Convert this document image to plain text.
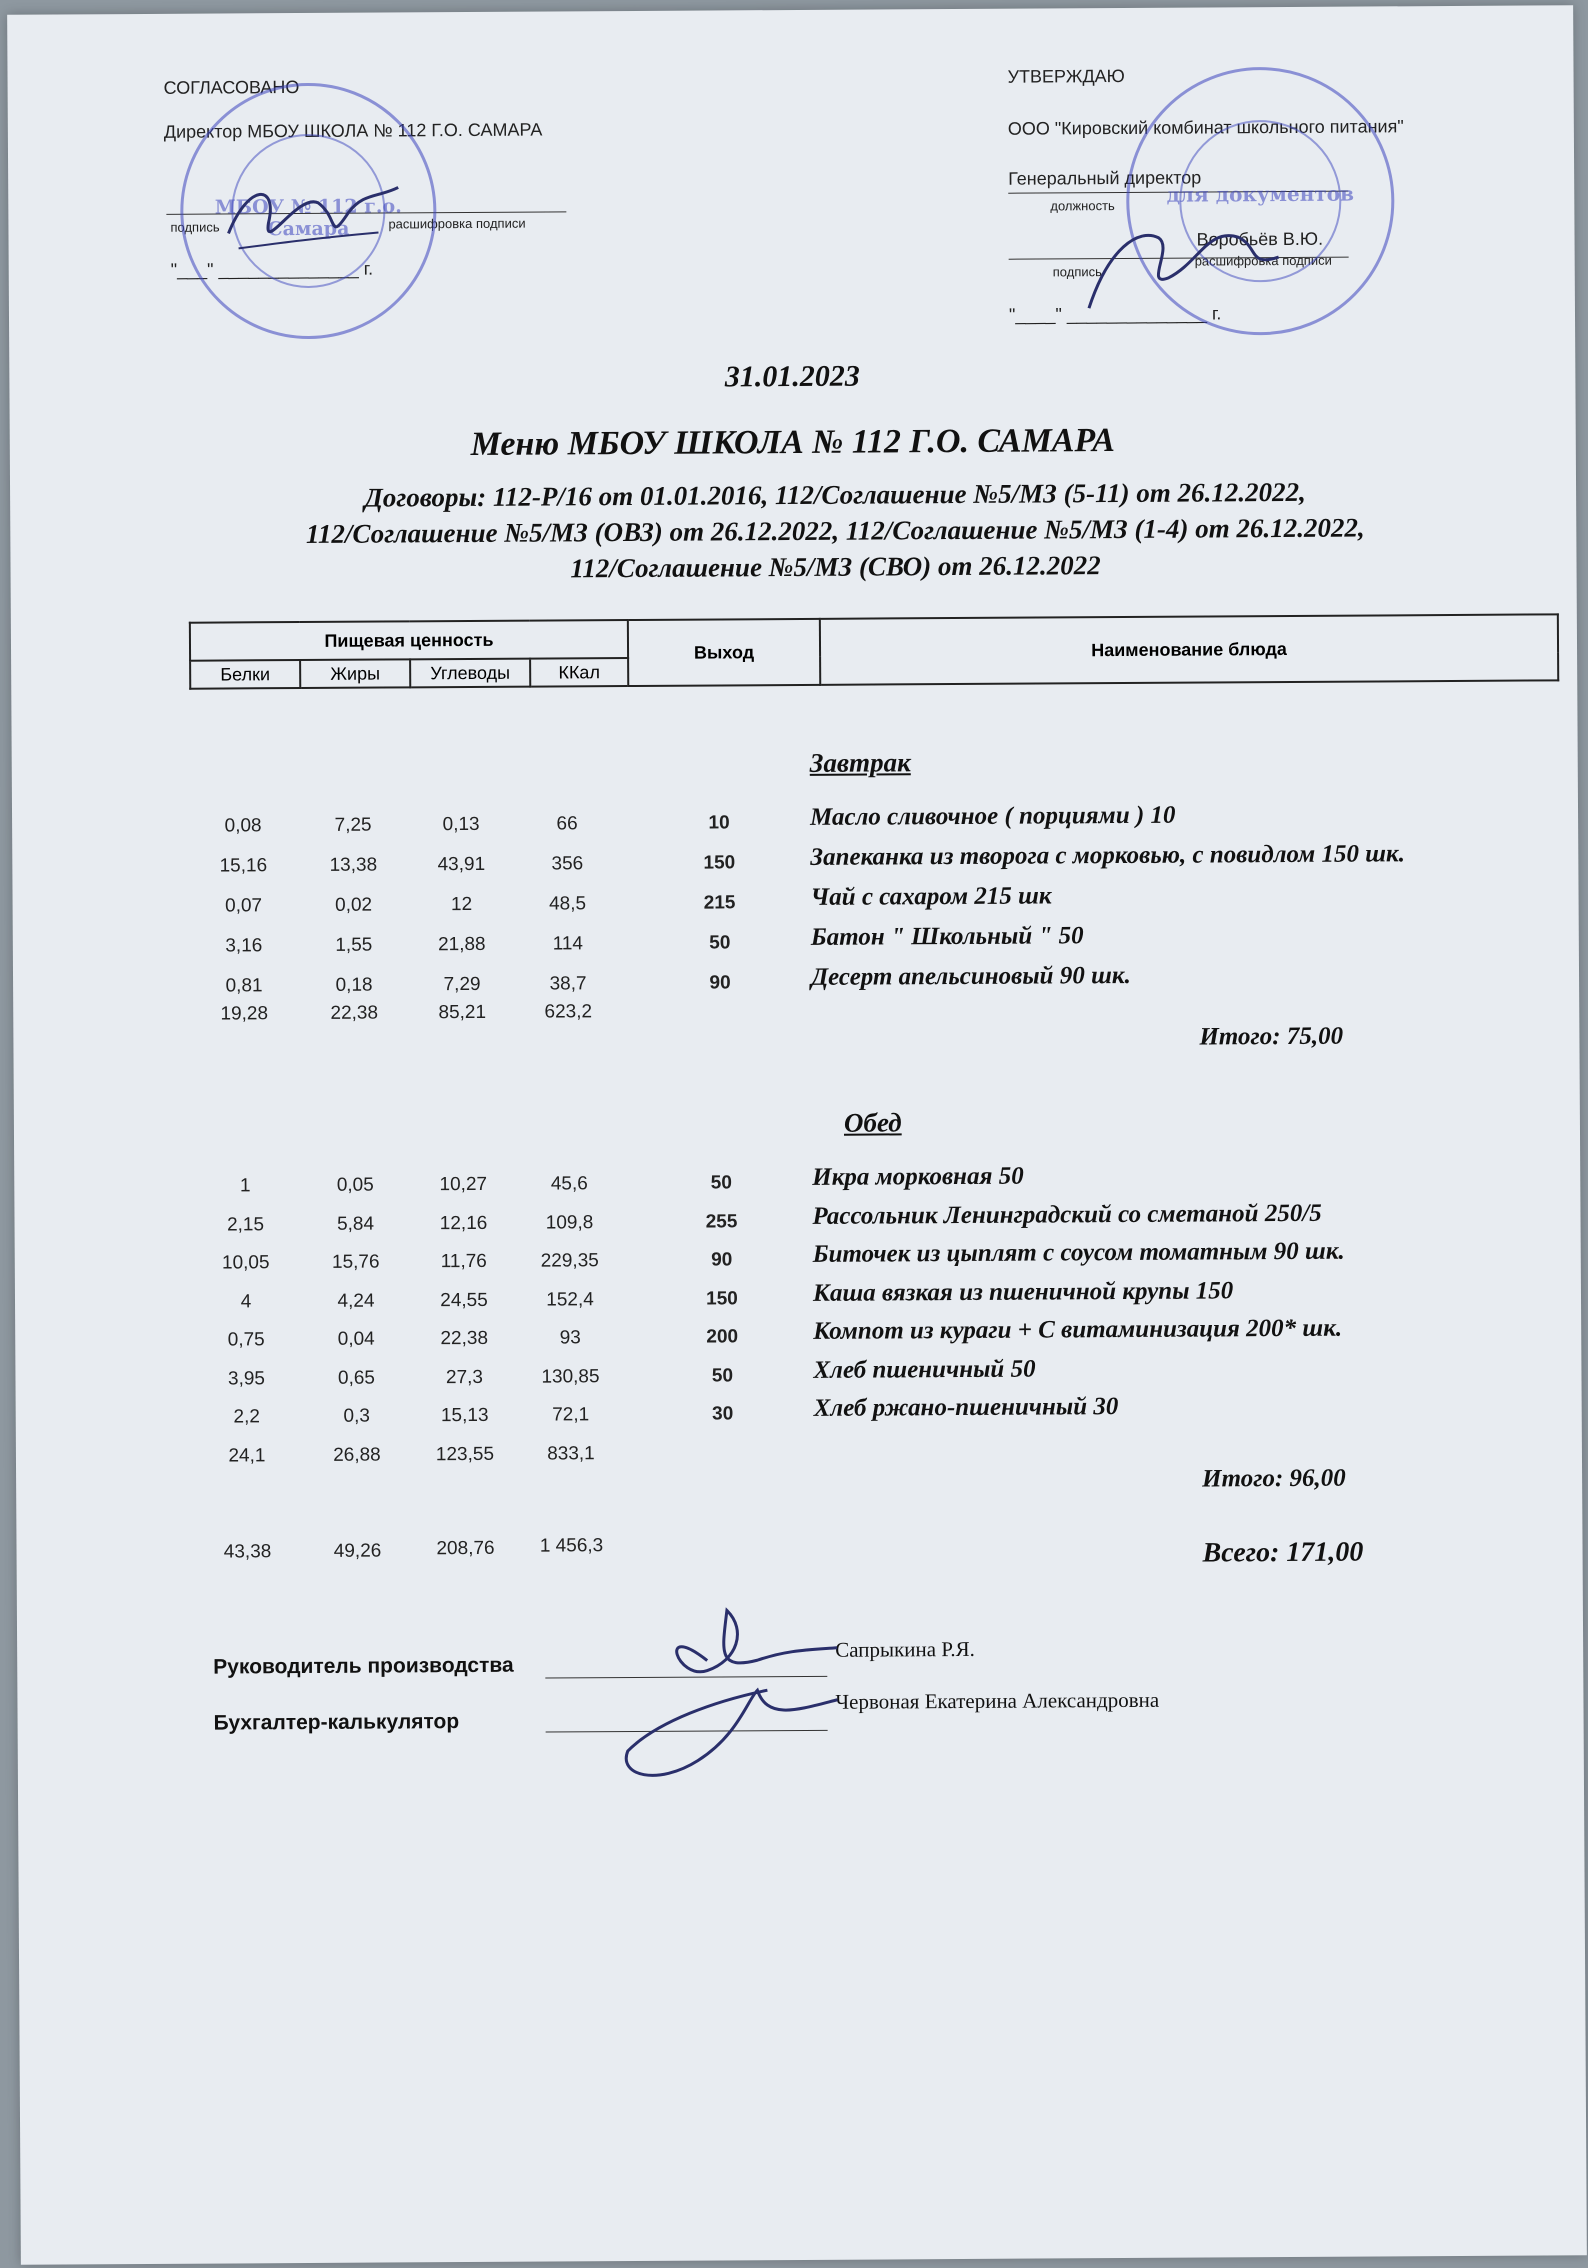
СОГЛАСОВАНО
Директор МБОУ ШКОЛА № 112 Г.О. САМАРА
подпись	расшифровка подписи
"___" ______________ г.
МБОУ № 112 г.о. Самара
УТВЕРЖДАЮ
ООО "Кировский комбинат школьного питания"
Генеральный директор
должность
Воробьёв В.Ю.
подпись
расшифровка подписи
"____" ______________ г.
для документов
31.01.2023
Меню МБОУ ШКОЛА № 112 Г.О. САМАРА
Договоры: 112-Р/16 от 01.01.2016, 112/Соглашение №5/МЗ (5-11) от 26.12.2022,
112/Соглашение №5/МЗ (ОВЗ) от 26.12.2022, 112/Соглашение №5/МЗ (1-4) от 26.12.2022,
112/Соглашение №5/МЗ (СВО) от 26.12.2022
Пищевая ценность				Выход	Наименование блюда
Белки	Жиры	Углеводы	ККал		
Завтрак
0,08	7,25	0,13	66	10	Масло сливочное ( порциями ) 10
15,16	13,38	43,91	356	150	Запеканка из творога с морковью, с повидлом 150 шк.
0,07	0,02	12	48,5	215	Чай с сахаром 215 шк
3,16	1,55	21,88	114	50	Батон " Школьный " 50
0,81	0,18	7,29	38,7	90	Десерт апельсиновый 90 шк.
19,28	22,38	85,21	623,2
Итого: 75,00
Обед
1	0,05	10,27	45,6	50	Икра морковная 50
2,15	5,84	12,16	109,8	255	Рассольник Ленинградский со сметаной 250/5
10,05	15,76	11,76	229,35	90	Биточек из цыплят с соусом томатным 90 шк.
4	4,24	24,55	152,4	150	Каша вязкая из пшеничной крупы 150
0,75	0,04	22,38	93	200	Компот из кураги + С витаминизация 200* шк.
3,95	0,65	27,3	130,85	50	Хлеб пшеничный 50
2,2	0,3	15,13	72,1	30	Хлеб ржано-пшеничный 30
24,1	26,88	123,55	833,1
Итого: 96,00
43,38	49,26	208,76	1 456,3	Всего: 171,00
Руководитель производства
Сапрыкина Р.Я.
Бухгалтер-калькулятор
Червоная Екатерина Александровна
